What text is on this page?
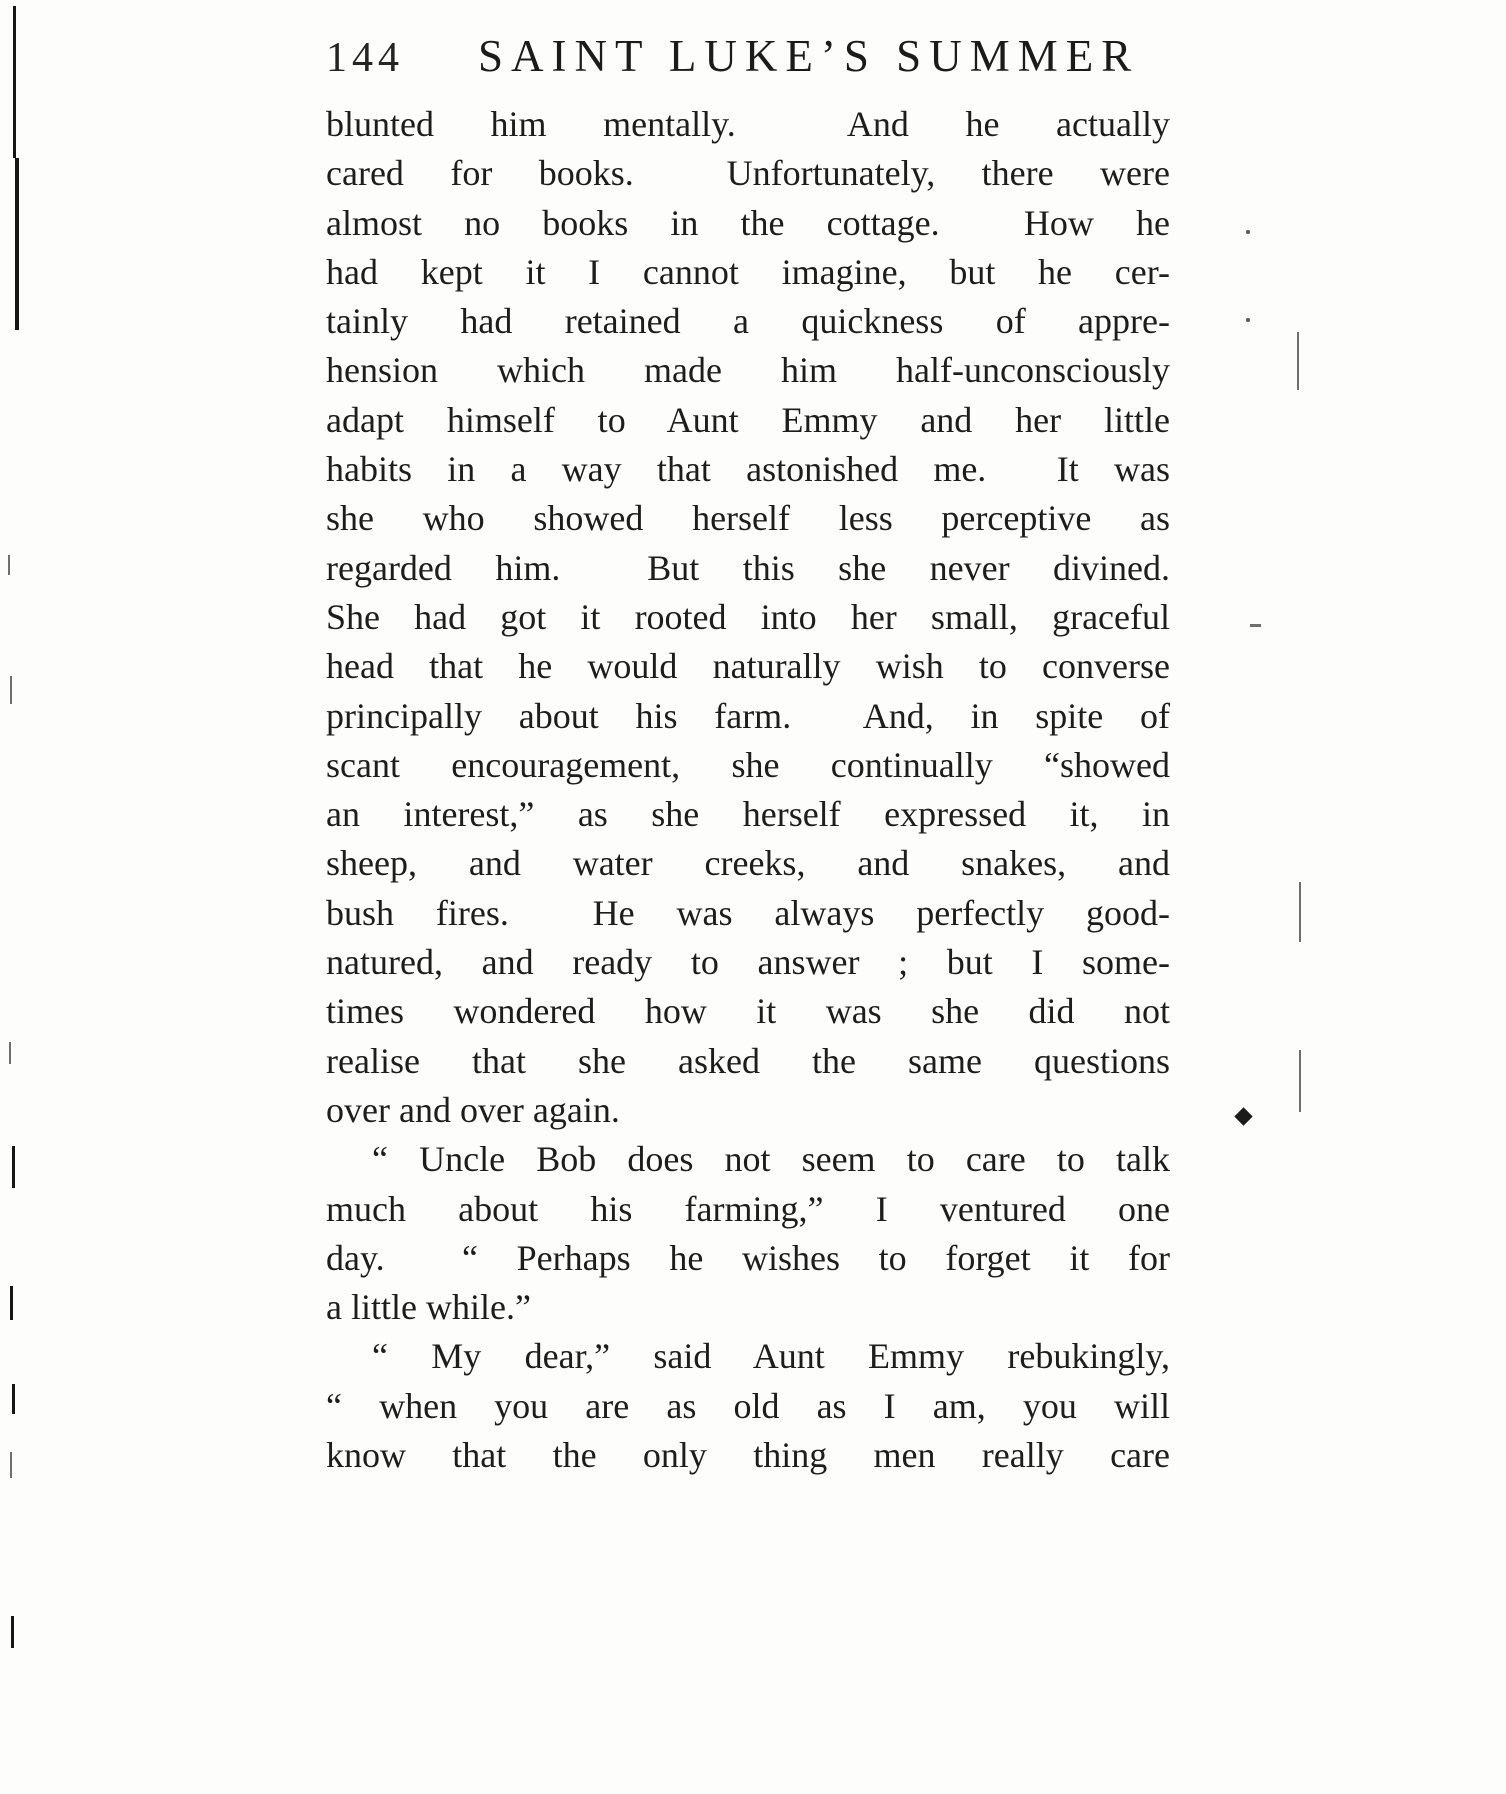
144 SAINT LUKE’S SUMMER
blunted him mentally.  And he actually
cared for books.  Unfortunately, there were
almost no books in the cottage.  How he
had kept it I cannot imagine, but he cer-
tainly had retained a quickness of appre-
hension which made him half-unconsciously
adapt himself to Aunt Emmy and her little
habits in a way that astonished me.  It was
she who showed herself less perceptive as
regarded him.  But this she never divined.
She had got it rooted into her small, graceful
head that he would naturally wish to converse
principally about his farm.  And, in spite of
scant encouragement, she continually “showed
an interest,” as she herself expressed it, in
sheep, and water creeks, and snakes, and
bush fires.  He was always perfectly good-
natured, and ready to answer ; but I some-
times wondered how it was she did not
realise that she asked the same questions
over and over again.
“ Uncle Bob does not seem to care to talk
much about his farming,” I ventured one
day.  “ Perhaps he wishes to forget it for
a little while.”
“ My dear,” said Aunt Emmy rebukingly,
“ when you are as old as I am, you will
know that the only thing men really care
